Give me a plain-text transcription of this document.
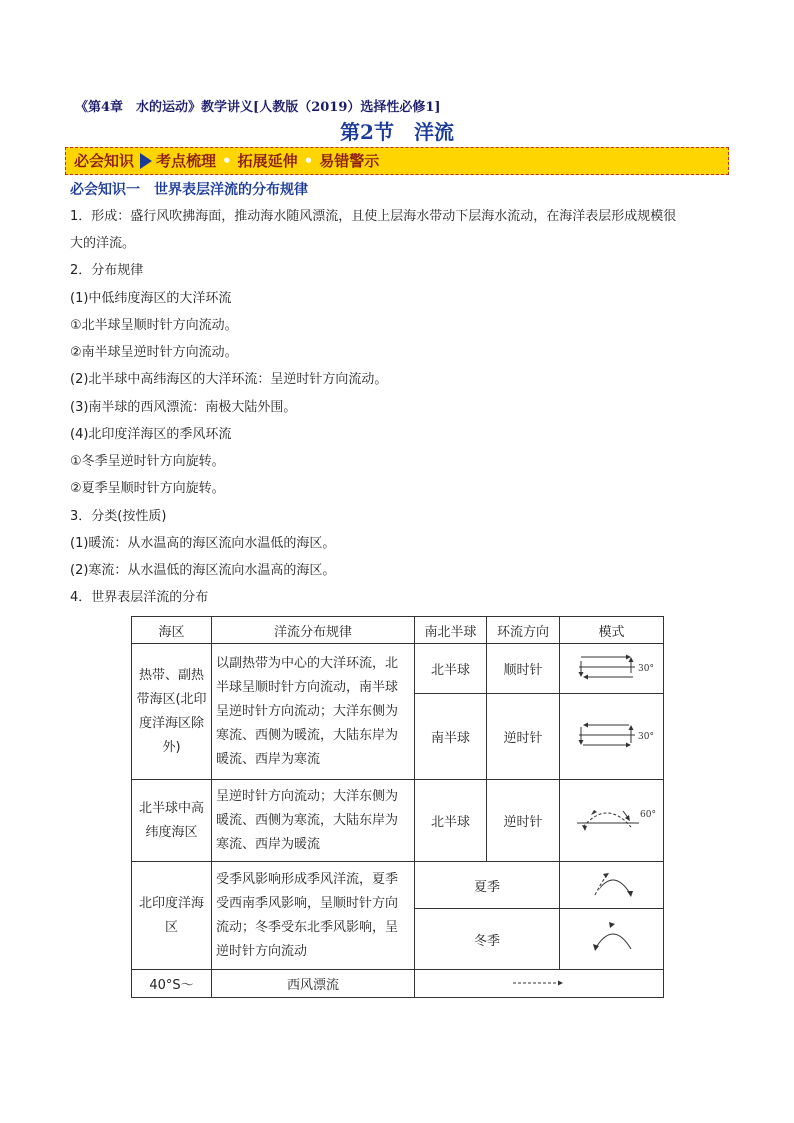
《第4章　水的运动》教学讲义[人教版（2019）选择性必修1]
第2节　洋流
必会知识 考点梳理 • 拓展延伸 • 易错警示
必会知识一　世界表层洋流的分布规律
1．形成：盛行风吹拂海面，推动海水随风漂流，且使上层海水带动下层海水流动，在海洋表层形成规模很
大的洋流。
2．分布规律
(1)中低纬度海区的大洋环流
①北半球呈顺时针方向流动。
②南半球呈逆时针方向流动。
(2)北半球中高纬海区的大洋环流：呈逆时针方向流动。
(3)南半球的西风漂流：南极大陆外围。
(4)北印度洋海区的季风环流
①冬季呈逆时针方向旋转。
②夏季呈顺时针方向旋转。
3．分类(按性质)
(1)暖流：从水温高的海区流向水温低的海区。
(2)寒流：从水温低的海区流向水温高的海区。
4．世界表层洋流的分布
海区	洋流分布规律	南北半球	环流方向	模式
热带、副热带海区(北印度洋海区除外)	以副热带为中心的大洋环流，北半球呈顺时针方向流动，南半球呈逆时针方向流动；大洋东侧为寒流、西侧为暖流，大陆东岸为暖流、西岸为寒流	北半球	顺时针	30°

		南半球	逆时针	30°

北半球中高纬度海区	呈逆时针方向流动；大洋东侧为暖流、西侧为寒流，大陆东岸为寒流、西岸为暖流	北半球	逆时针	60°

北印度洋海区	受季风影响形成季风洋流，夏季受西南季风影响，呈顺时针方向流动；冬季受东北季风影响，呈逆时针方向流动	夏季	
		冬季	
40°S～	西风漂流	
